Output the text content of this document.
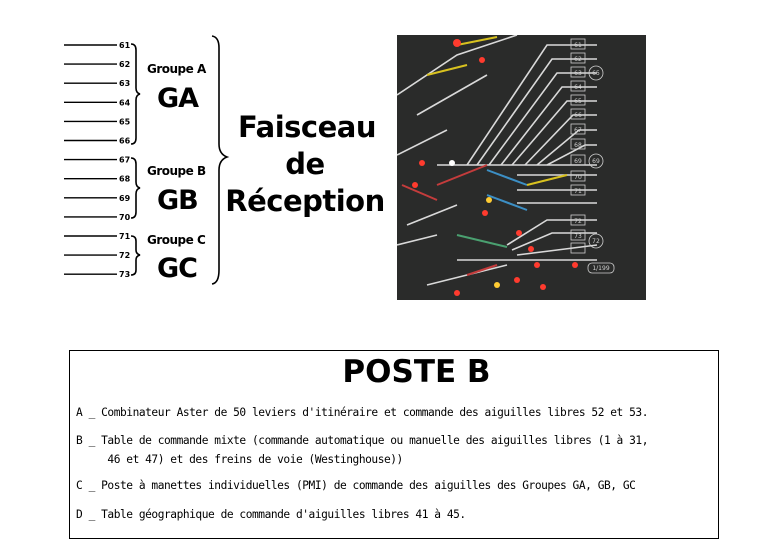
61
62
63
64
65
66
67
68
69
70
71
72
73
Groupe A
GA
Groupe B
GB
Groupe C
GC
Faisceau
de
Réception
61
62
63
64
65
66
67
68
69
70
71
72
73
65
69
72
1/199
POSTE B
A _ Combinateur Aster de 50 leviers d'itinéraire et commande des aiguilles libres 52 et 53.
B _ Table de commande mixte (commande automatique ou manuelle des aiguilles libres (1 à 31,
46 et 47) et des freins de voie (Westinghouse))
C _ Poste à manettes individuelles (PMI) de commande des aiguilles des Groupes GA, GB, GC
D _ Table géographique de commande d'aiguilles libres 41 à 45.
